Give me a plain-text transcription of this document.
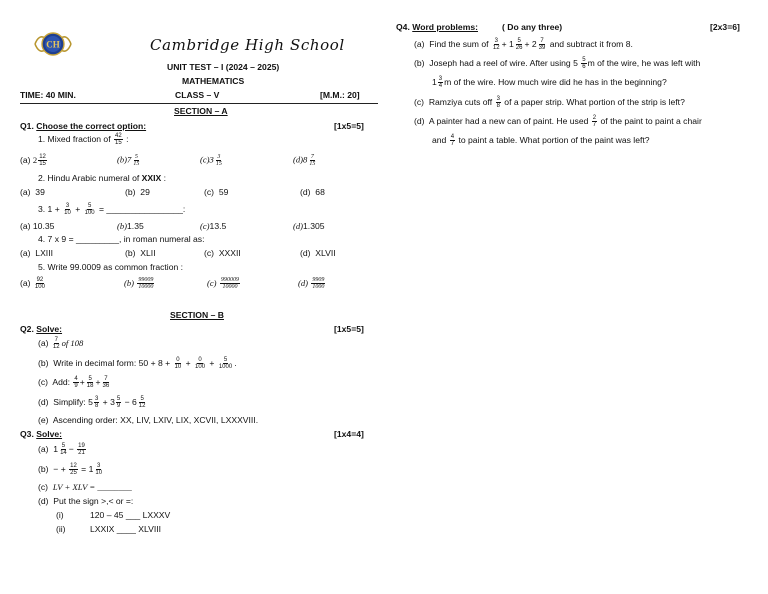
CH	Cambridge High School
UNIT TEST – I (2024 – 2025)
MATHEMATICS
TIME: 40 MIN.	CLASS – V	[M.M.: 20]
SECTION – A
Q1. Choose the correct option:	[1x5=5]
1. Mixed fraction of $\frac{42}{15}$ :
(a) $2 \frac{12}{15}$	$(b)7 \frac{5}{15}$	$(c)3 \frac{3}{15}$	$(d)8 \frac{7}{15}$
2. Hindu Arabic numeral of XXIX :
(a) 39	(b) 29	(c) 59	(d) 68
3. $1 + \frac{3}{10} + \frac{5}{100}$ = ________________:
(a) 10.35	(b)1.35	(c)13.5	(d)1.305
4. 7 x 9 = _________, in roman numeral as:
(a) LXIII	(b) XLII	(c) XXXII	(d) XLVII
5. Write 99.0009 as common fraction :
$(a) \frac{92}{100}$	$(b) \frac{99009}{10000}$	$(c) \frac{990009}{10000}$	$(d) \frac{9909}{1000}$
SECTION – B
Q2. Solve:	[1x5=5]
$(a) \frac{7}{12}$ of 108
(b) Write in decimal form: $50 + 8 + \frac{0}{10} + \frac{0}{100} + \frac{5}{1000}$ .
(c) Add: $\frac{4}{9} + \frac{5}{18} + \frac{7}{36}$
(d) Simplify: $5 \frac{3}{8} + 3 \frac{5}{9} - 6 \frac{5}{12}$
(e) Ascending order: XX, LIV, LXIV, LIX, XCVII, LXXXVIII.
Q3. Solve:	[1x4=4]
(a) $1 \frac{5}{14} - \frac{19}{21}$
(b) − + $\frac{12}{25} = 1 \frac{3}{10}$
(c) LV + XLV = ________
(d) Put the sign >,< or =:
(i)	120 – 45 ___ LXXXV
(ii)	LXXIX ____ XLVIII
Q4. Word problems:	( Do any three)	[2x3=6]
(a) Find the sum of $\frac{3}{12} + 1 \frac{5}{26} + 2 \frac{7}{39}$ and subtract it from 8.
(b) Joseph had a reel of wire. After using $5 \frac{5}{6}$ m of the wire, he was left with
$1 \frac{3}{4}$ m of the wire. How much wire did he has in the beginning?
(c) Ramziya cuts off $\frac{3}{8}$ of a paper strip. What portion of the strip is left?
(d) A painter had a new can of paint. He used $\frac{2}{7}$ of the paint to paint a chair
and $\frac{4}{7}$ to paint a table. What portion of the paint was left?
